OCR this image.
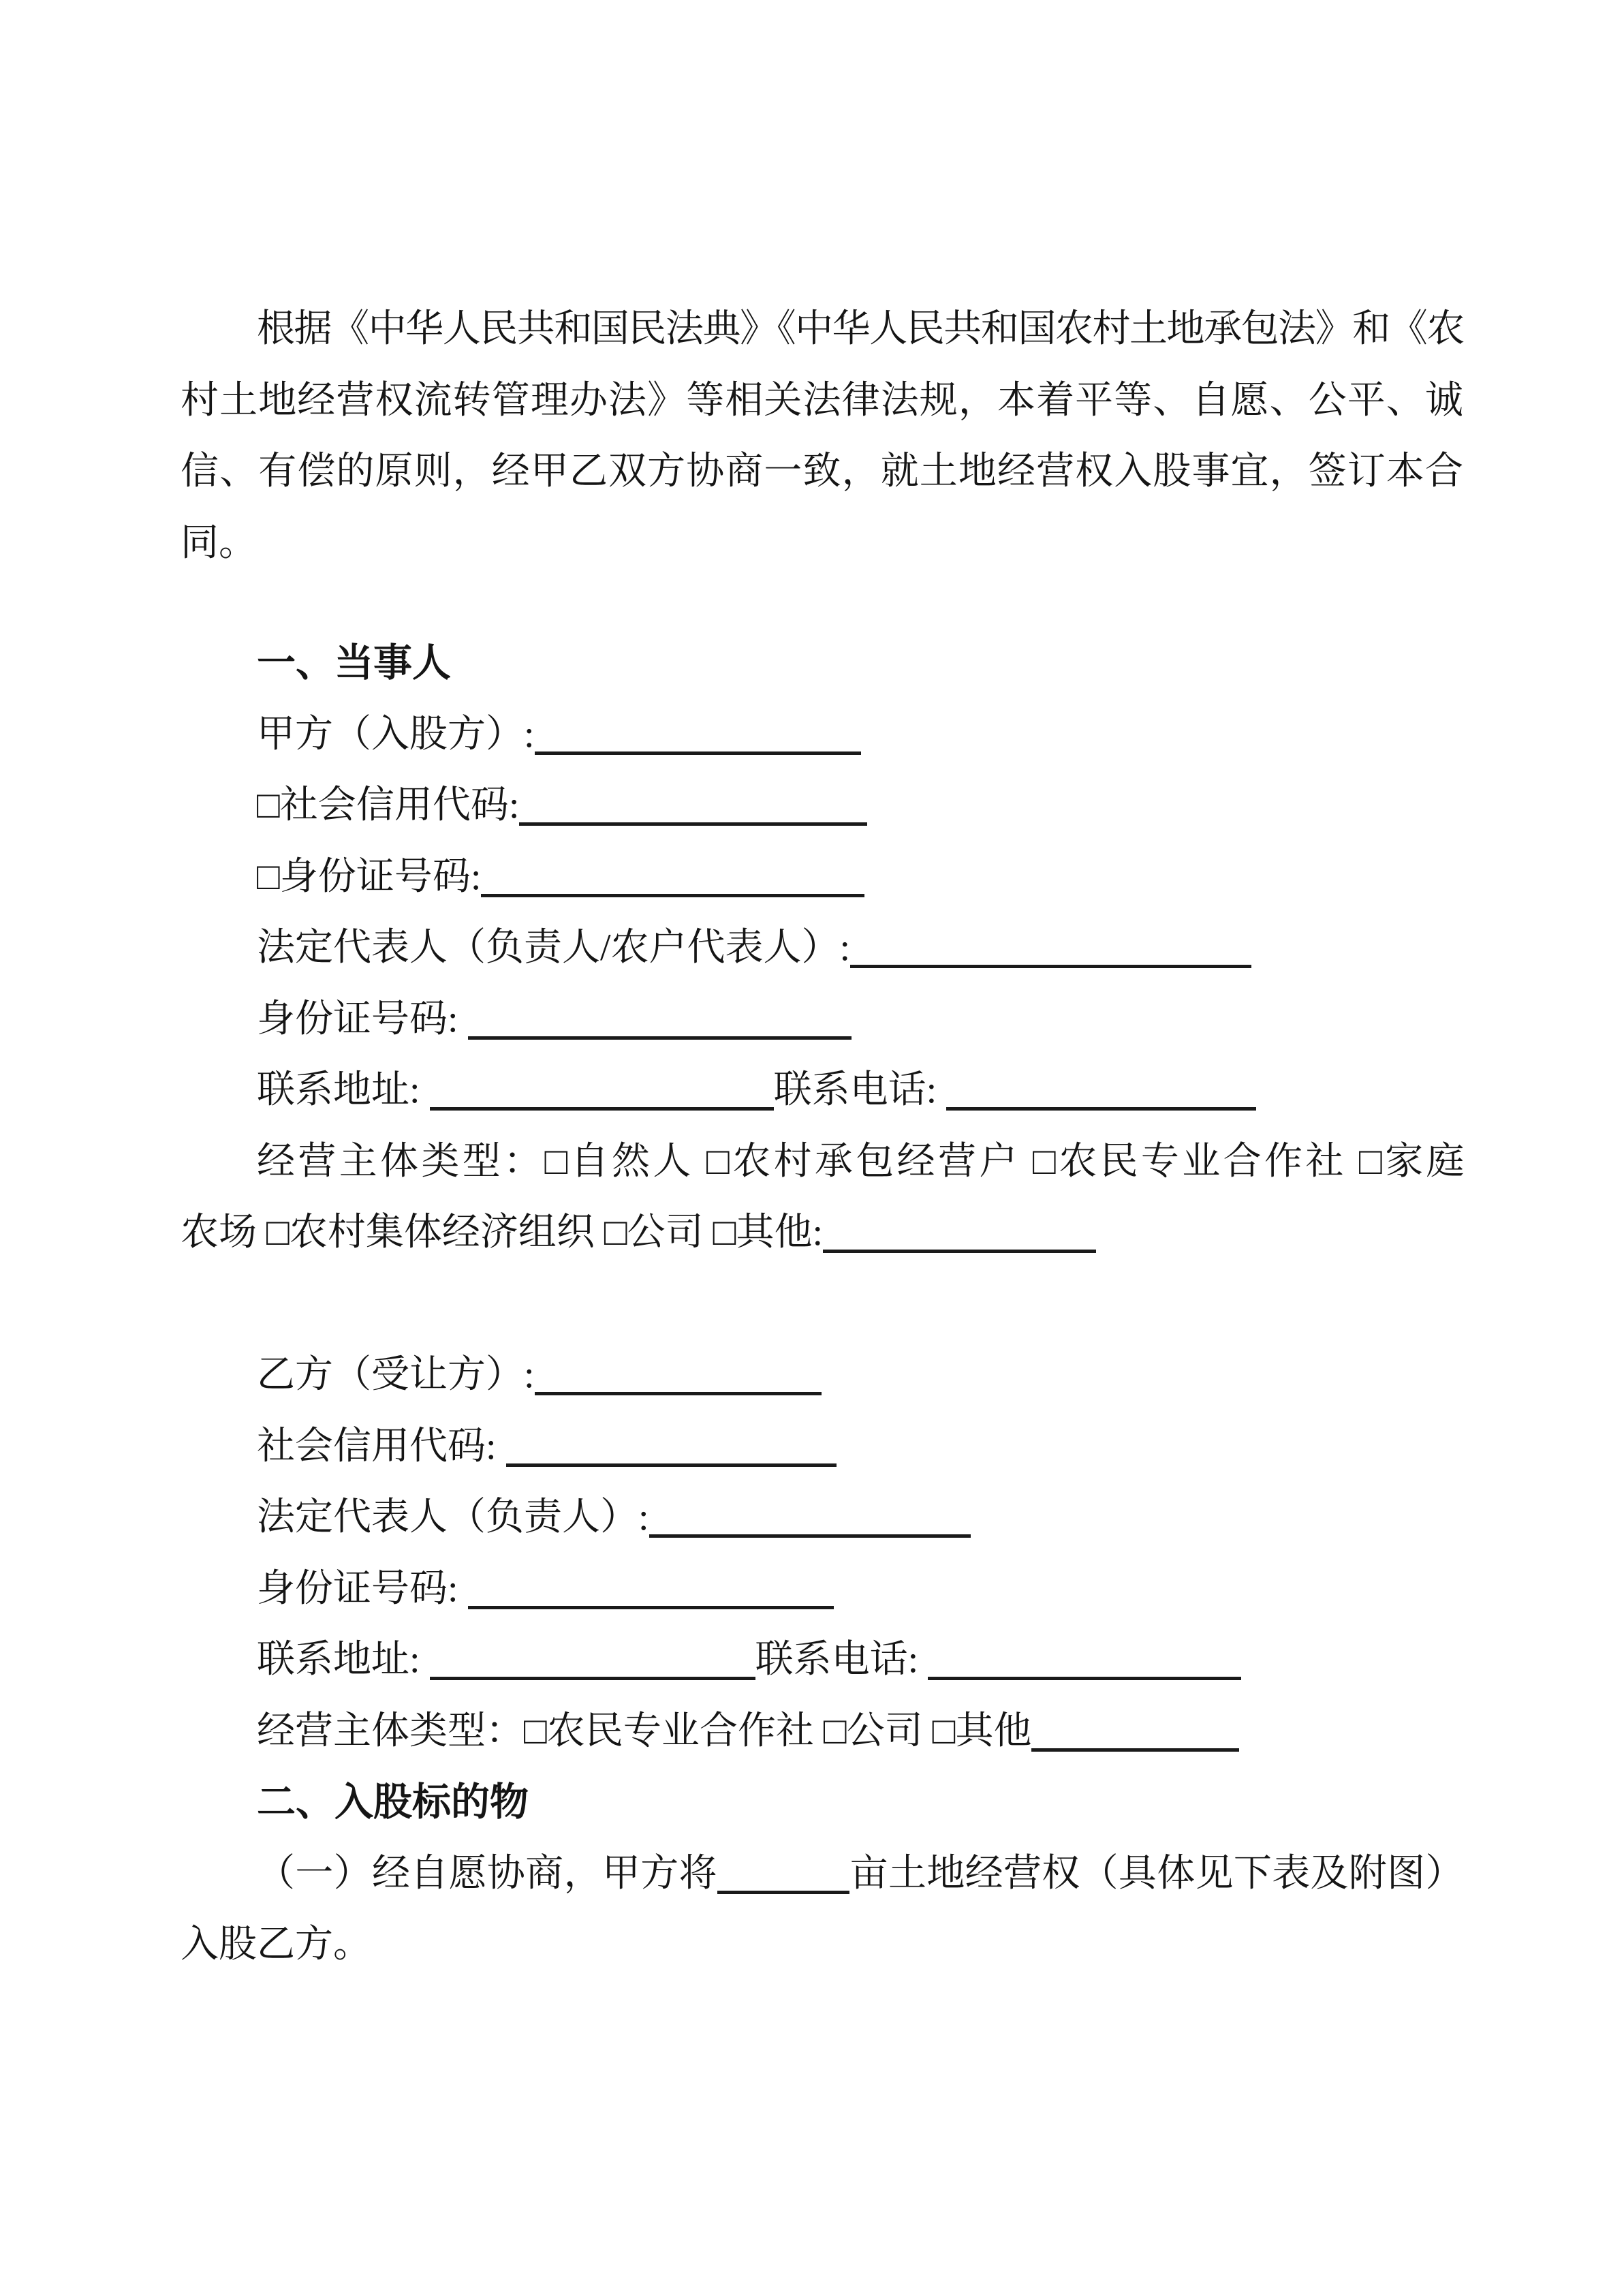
根据《中华人民共和国民法典》《中华人民共和国农村土地承包法》和《农
村土地经营权流转管理办法》等相关法律法规，本着平等、自愿、公平、诚
信、有偿的原则，经甲乙双方协商一致，就土地经营权入股事宜，签订本合
同。
一、当事人
甲方（入股方）:
□社会信用代码:
□身份证号码:
法定代表人（负责人/农户代表人）:
身份证号码:
联系地址:	联系电话:
经营主体类型：□自然人 □农村承包经营户 □农民专业合作社 □家庭
农场 □农村集体经济组织 □公司 □其他:
乙方（受让方）:
社会信用代码:
法定代表人（负责人）:
身份证号码:
联系地址:	联系电话:
经营主体类型：□农民专业合作社 □公司 □其他
二、入股标的物
（一）经自愿协商，甲方将	亩土地经营权（具体见下表及附图）
入股乙方。
